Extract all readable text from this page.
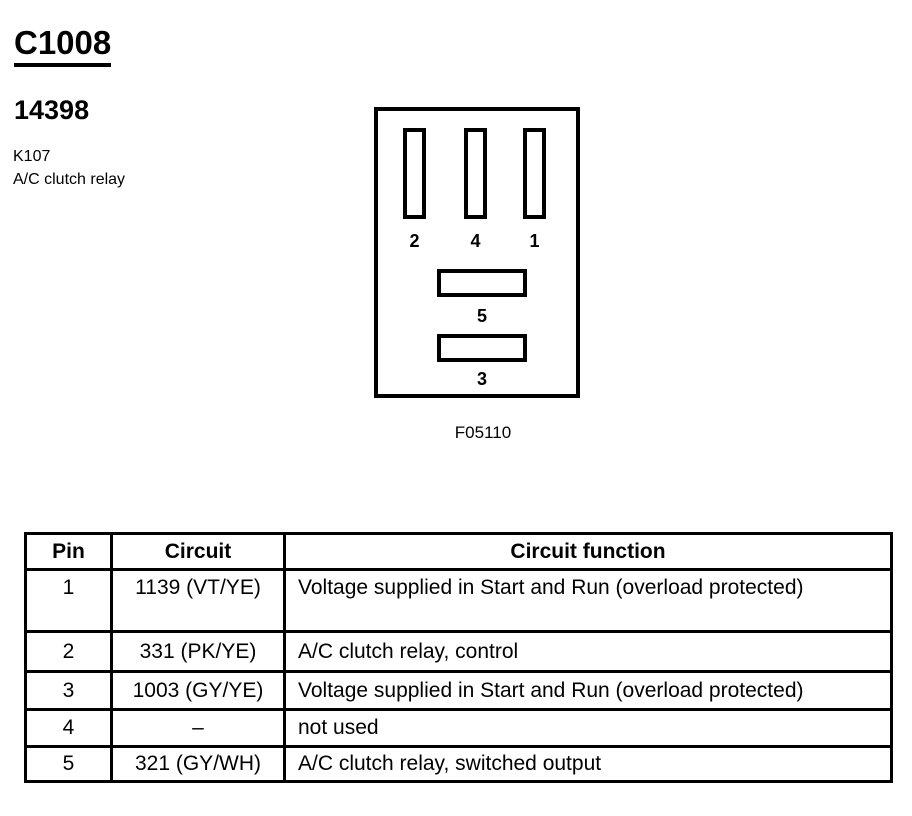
C1008
14398
K107
A/C clutch relay
2	4	1
5
3
F05110
Pin	Circuit	Circuit function
1	1139 (VT/YE)	Voltage supplied in Start and Run (overload protected)
2	331 (PK/YE)	A/C clutch relay, control
3	1003 (GY/YE)	Voltage supplied in Start and Run (overload protected)
4	–	not used
5	321 (GY/WH)	A/C clutch relay, switched output
